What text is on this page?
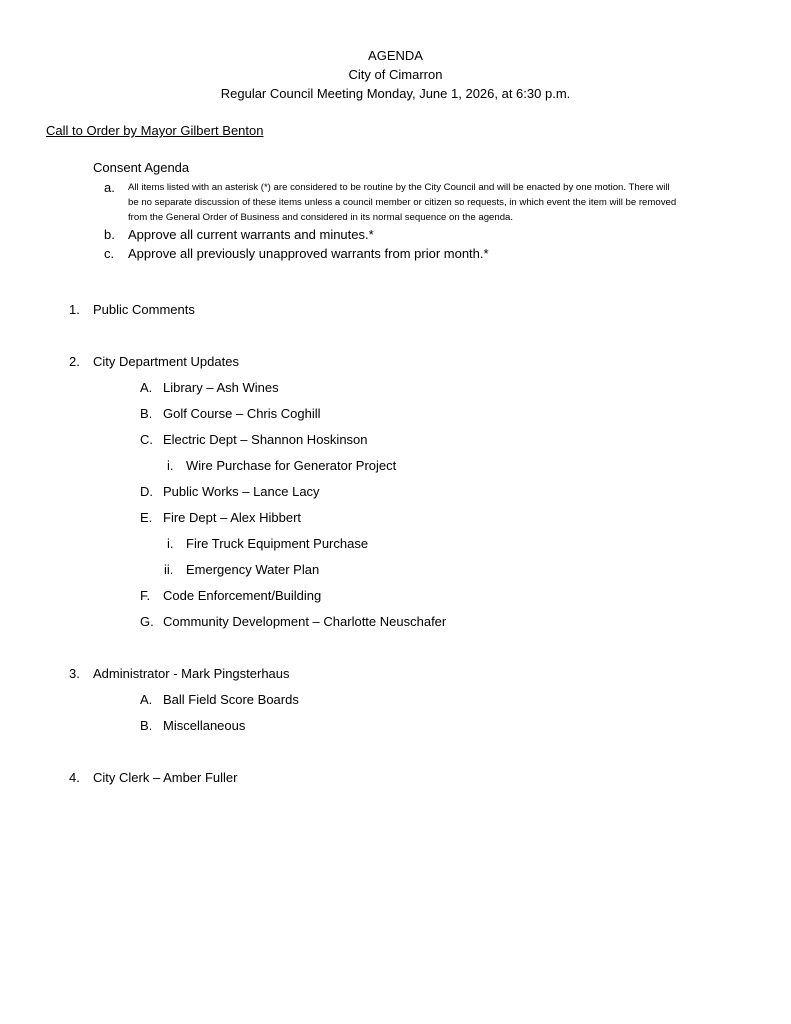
AGENDA
City of Cimarron
Regular Council Meeting Monday, June 1, 2026, at 6:30 p.m.
Call to Order by Mayor Gilbert Benton
Consent Agenda
a. All items listed with an asterisk (*) are considered to be routine by the City Council and will be enacted by one motion. There will
be no separate discussion of these items unless a council member or citizen so requests, in which event the item will be removed
from the General Order of Business and considered in its normal sequence on the agenda.
b. Approve all current warrants and minutes.*
c. Approve all previously unapproved warrants from prior month.*
1. Public Comments
2. City Department Updates
A. Library – Ash Wines
B. Golf Course – Chris Coghill
C. Electric Dept – Shannon Hoskinson
i. Wire Purchase for Generator Project
D. Public Works – Lance Lacy
E. Fire Dept – Alex Hibbert
i. Fire Truck Equipment Purchase
ii. Emergency Water Plan
F. Code Enforcement/Building
G. Community Development – Charlotte Neuschafer
3. Administrator - Mark Pingsterhaus
A. Ball Field Score Boards
B. Miscellaneous
4. City Clerk – Amber Fuller
